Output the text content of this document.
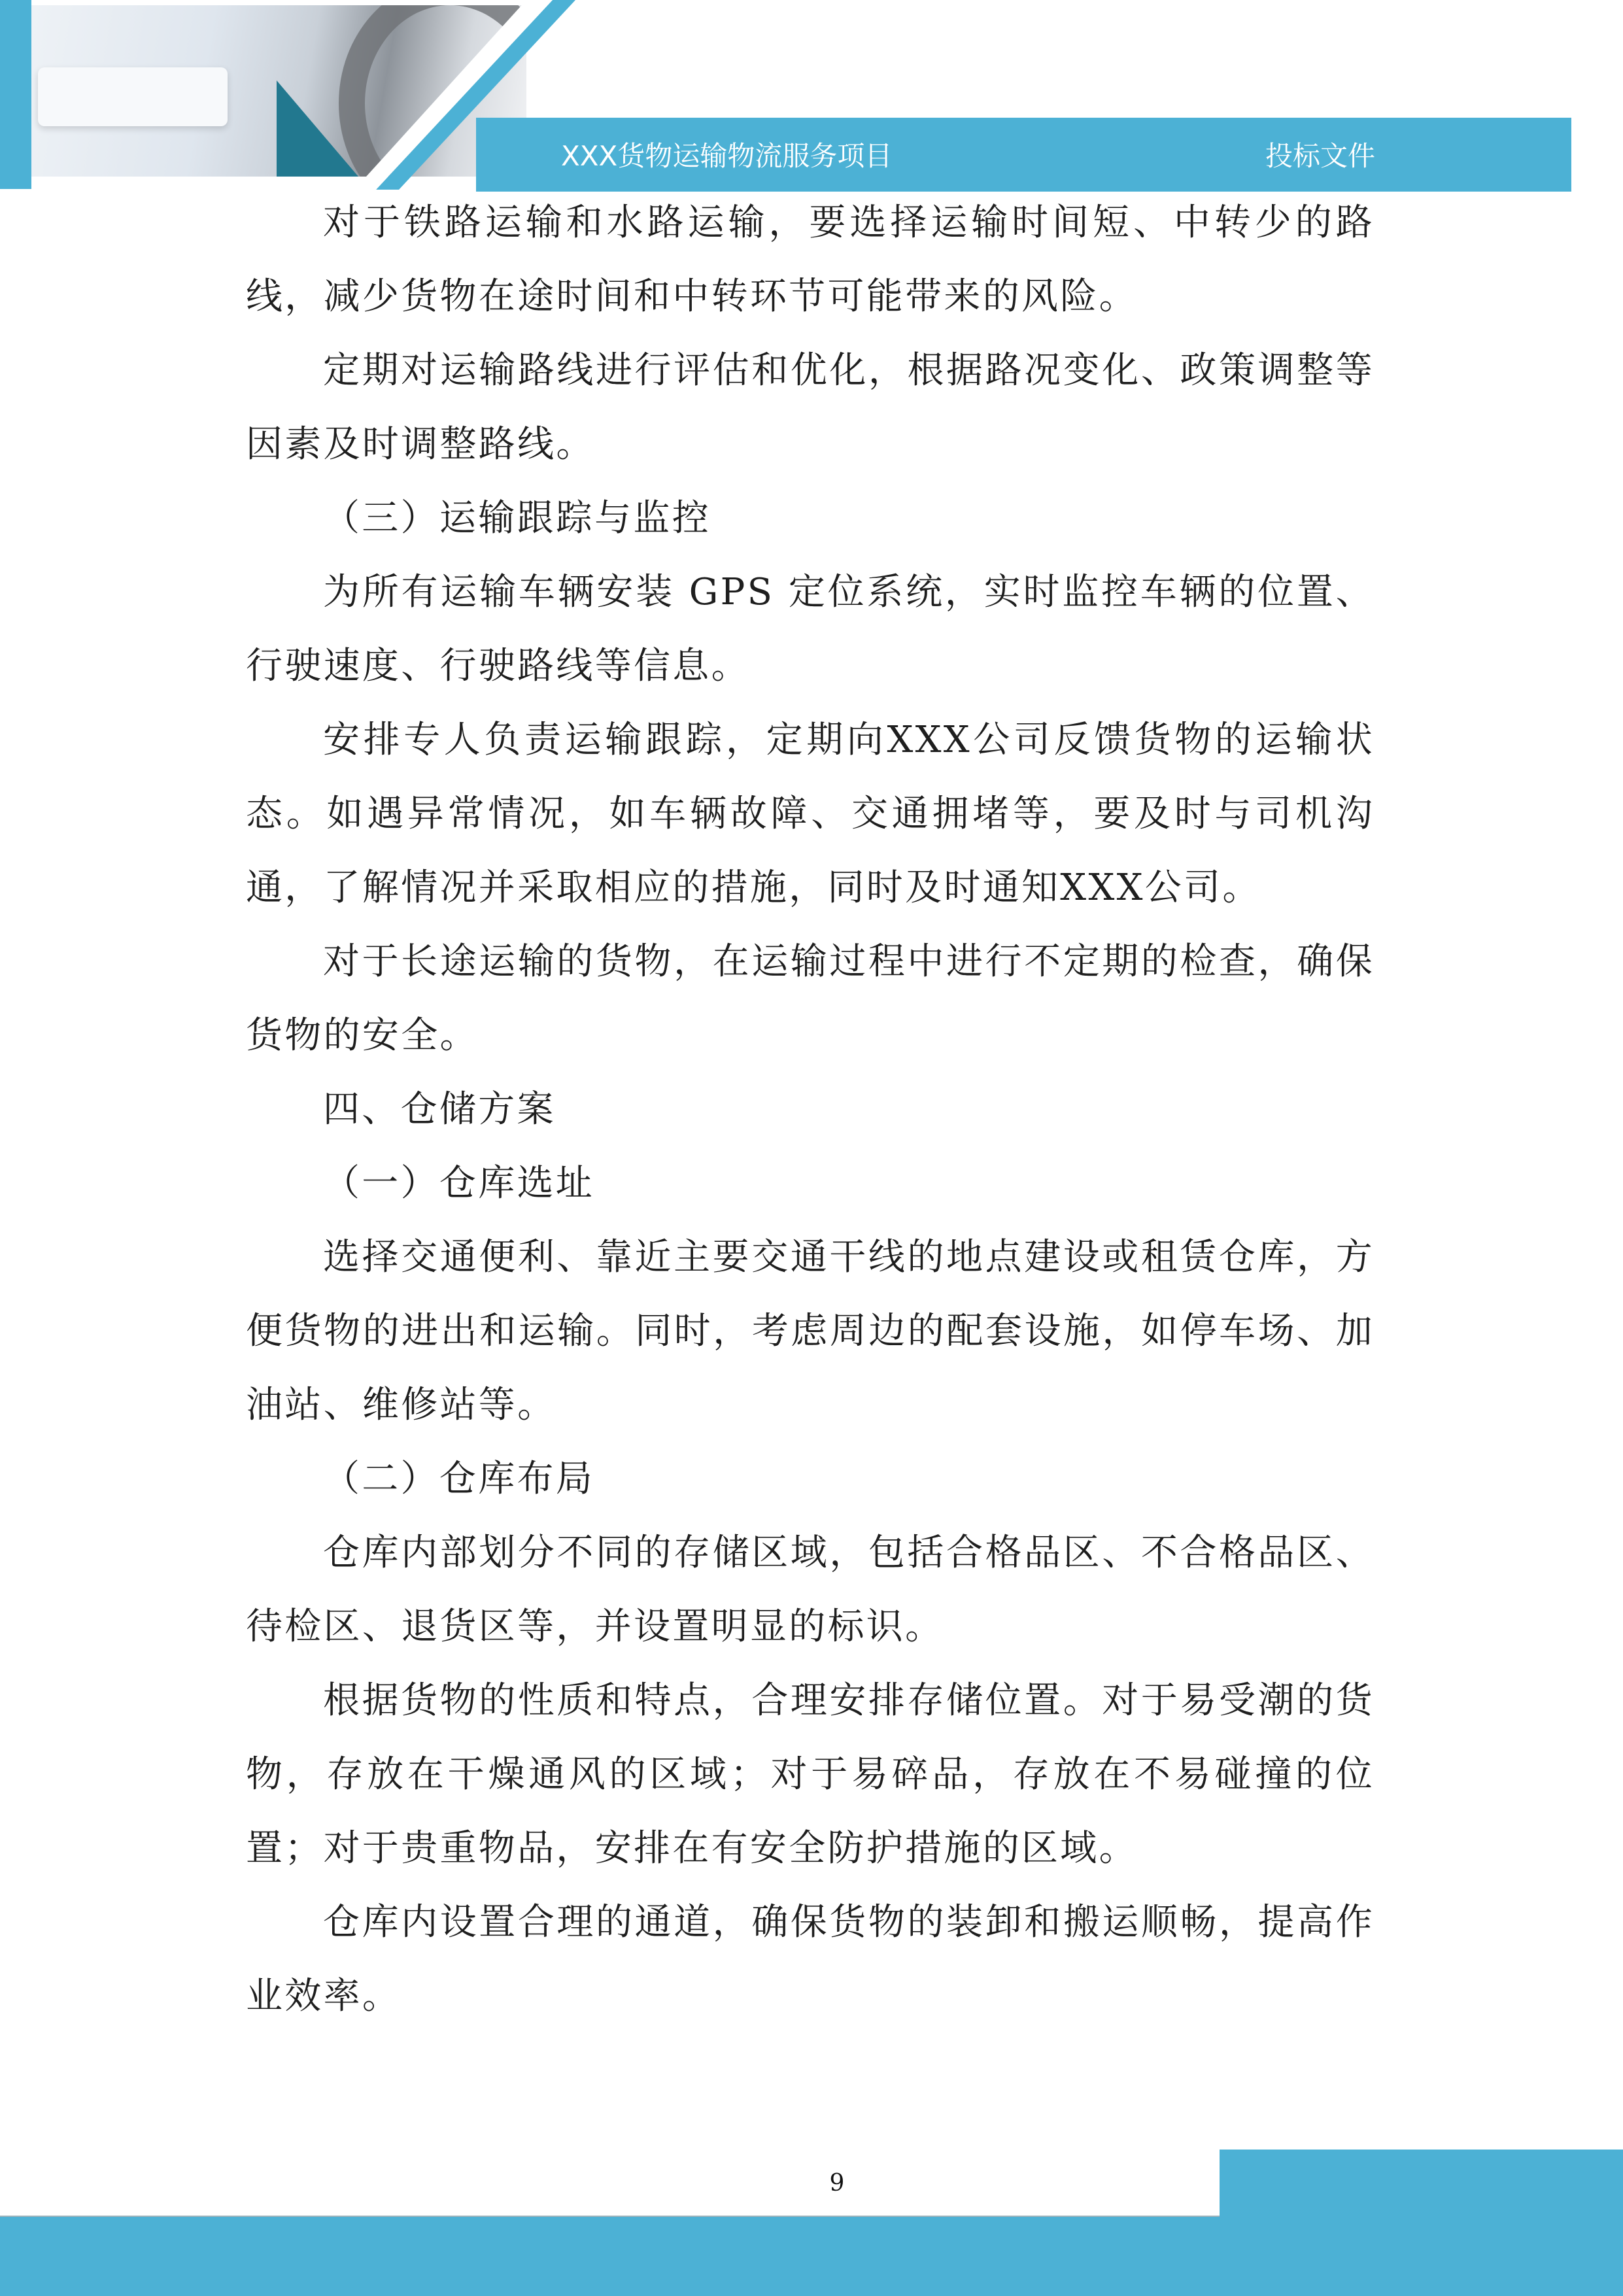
XXX货物运输物流服务项目	投标文件

对于铁路运输和水路运输，要选择运输时间短、中转少的路线，减少货物在途时间和中转环节可能带来的风险。

定期对运输路线进行评估和优化，根据路况变化、政策调整等因素及时调整路线。

（三）运输跟踪与监控

为所有运输车辆安装 GPS 定位系统，实时监控车辆的位置、行驶速度、行驶路线等信息。

安排专人负责运输跟踪，定期向XXX公司反馈货物的运输状态。如遇异常情况，如车辆故障、交通拥堵等，要及时与司机沟通，了解情况并采取相应的措施，同时及时通知XXX公司。

对于长途运输的货物，在运输过程中进行不定期的检查，确保货物的安全。

四、仓储方案

（一）仓库选址

选择交通便利、靠近主要交通干线的地点建设或租赁仓库，方便货物的进出和运输。同时，考虑周边的配套设施，如停车场、加油站、维修站等。

（二）仓库布局

仓库内部划分不同的存储区域，包括合格品区、不合格品区、待检区、退货区等，并设置明显的标识。

根据货物的性质和特点，合理安排存储位置。对于易受潮的货物，存放在干燥通风的区域；对于易碎品，存放在不易碰撞的位置；对于贵重物品，安排在有安全防护措施的区域。

仓库内设置合理的通道，确保货物的装卸和搬运顺畅，提高作业效率。

9
